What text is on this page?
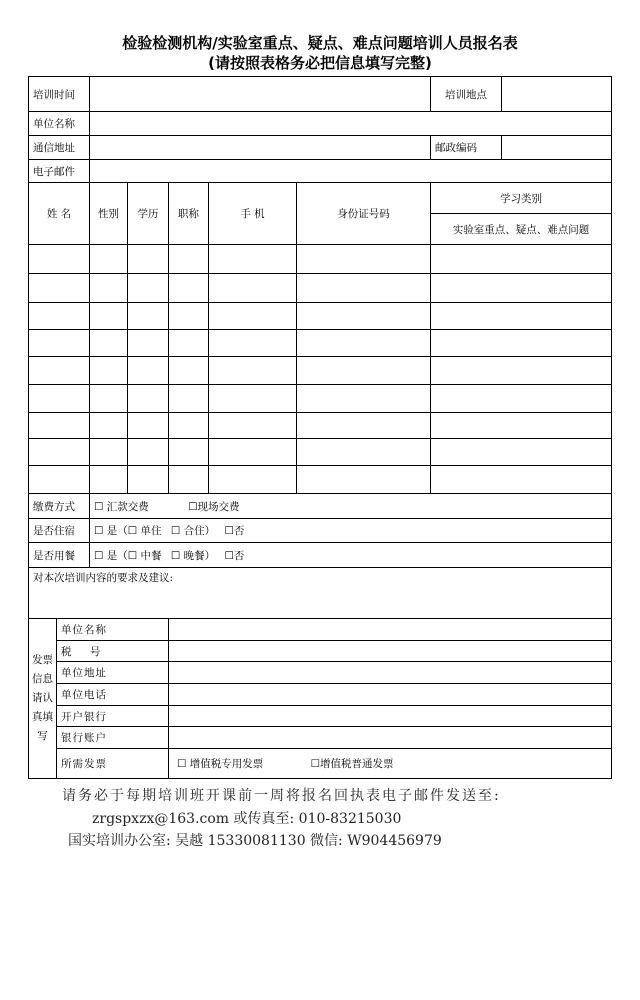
检验检测机构/实验室重点、疑点、难点问题培训人员报名表
(请按照表格务必把信息填写完整)
培训时间							培训地点	
单位名称								
通信地址							邮政编码	
电子邮件								
姓 名		性别	学历	职称	手 机	身份证号码	学习类别	
							实验室重点、疑点、难点问题	

缴费方式		☐ 汇款交费 ☐现场交费						
是否住宿		☐ 是（☐ 单住 ☐ 合住） ☐否						
是否用餐		☐ 是（☐ 中餐 ☐ 晚餐） ☐否						
对本次培训内容的要求及建议:								
发票信息请认真填写	单位名称							
	税    号							
	单位地址							
	单位电话							
	开户银行							
	银行账户							
	所需发票			☐ 增值税专用发票 ☐增值税普通发票				
请务必于每期培训班开课前一周将报名回执表电子邮件发送至:
zrgspxzx@163.com 或传真至: 010-83215030
国实培训办公室: 吴越 15330081130 微信: W904456979
